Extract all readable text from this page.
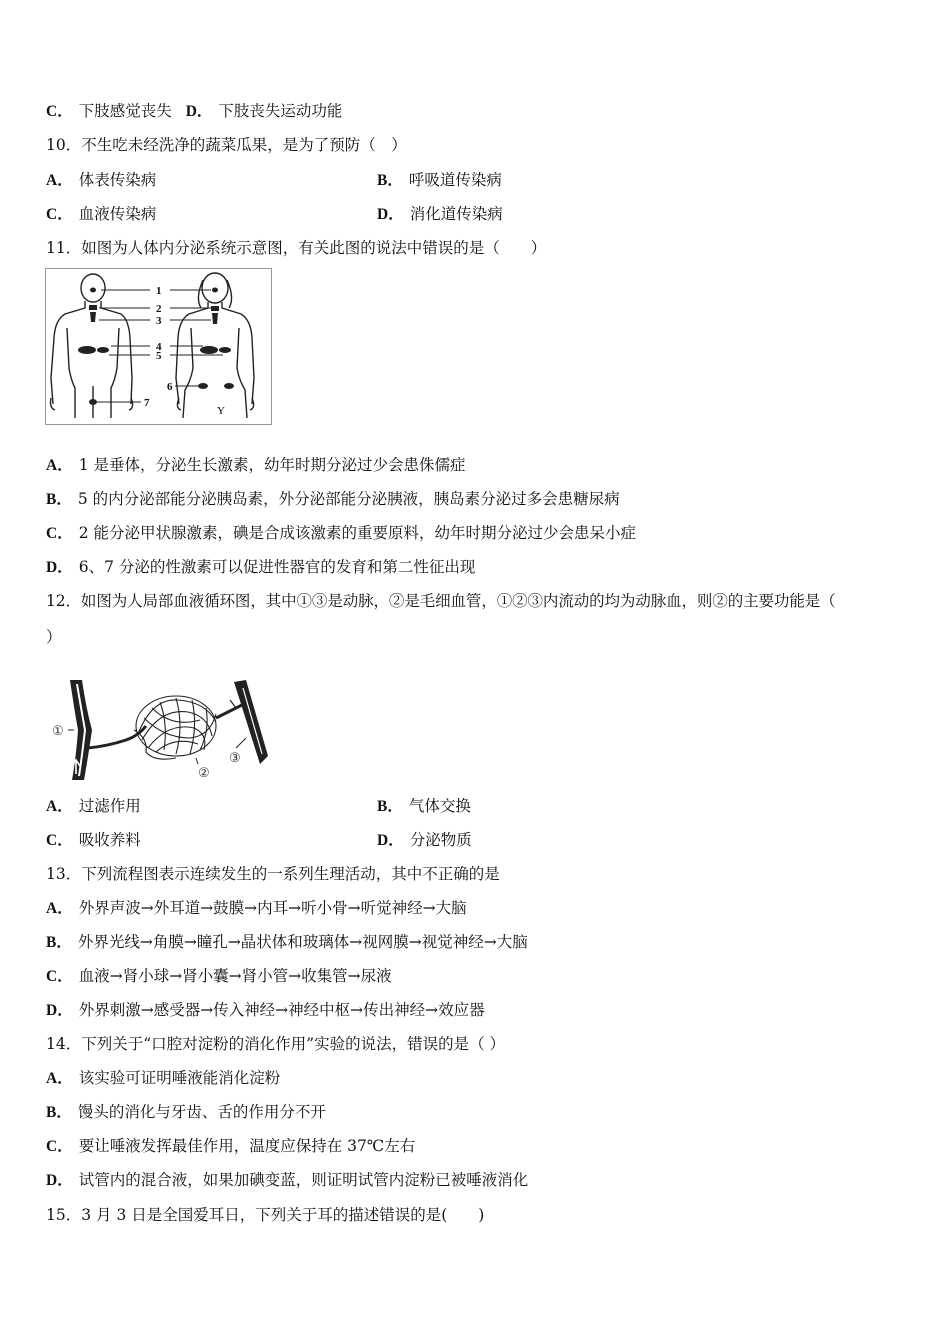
C． 下肢感觉丧失 D． 下肢丧失运动功能
10．不生吃未经洗净的蔬菜瓜果，是为了预防（　）
A． 体表传染病	B． 呼吸道传染病
C． 血液传染病	D． 消化道传染病
11．如图为人体内分泌系统示意图，有关此图的说法中错误的是（　　）
1
2
3
4
5
6
7
Y
A． 1 是垂体，分泌生长激素，幼年时期分泌过少会患侏儒症
B． 5 的内分泌部能分泌胰岛素，外分泌部能分泌胰液，胰岛素分泌过多会患糖尿病
C． 2 能分泌甲状腺激素，碘是合成该激素的重要原料，幼年时期分泌过少会患呆小症
D． 6、7 分泌的性激素可以促进性器官的发育和第二性征出现
12．如图为人局部血液循环图，其中①③是动脉，②是毛细血管，①②③内流动的均为动脉血，则②的主要功能是（
）
①
②
③
A． 过滤作用	B． 气体交换
C． 吸收养料	D． 分泌物质
13．下列流程图表示连续发生的一系列生理活动，其中不正确的是
A． 外界声波→外耳道→鼓膜→内耳→听小骨→听觉神经→大脑
B． 外界光线→角膜→瞳孔→晶状体和玻璃体→视网膜→视觉神经→大脑
C． 血液→肾小球→肾小囊→肾小管→收集管→尿液
D． 外界刺激→感受器→传入神经→神经中枢→传出神经→效应器
14．下列关于“口腔对淀粉的消化作用”实验的说法，错误的是（ ）
A． 该实验可证明唾液能消化淀粉
B． 馒头的消化与牙齿、舌的作用分不开
C． 要让唾液发挥最佳作用，温度应保持在 37℃左右
D． 试管内的混合液，如果加碘变蓝，则证明试管内淀粉已被唾液消化
15．3 月 3 日是全国爱耳日，下列关于耳的描述错误的是(　　)
